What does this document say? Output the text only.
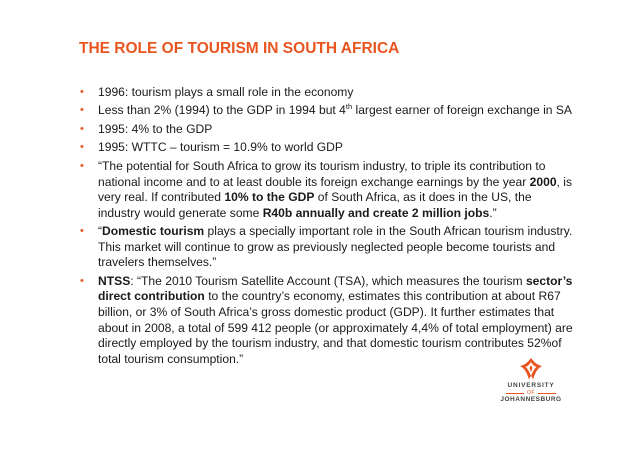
THE ROLE OF TOURISM IN SOUTH AFRICA
• 1996: tourism plays a small role in the economy
• Less than 2% (1994) to the GDP in 1994 but 4th largest earner of foreign exchange in SA
• 1995: 4% to the GDP
• 1995: WTTC – tourism = 10.9% to world GDP
• “The potential for South Africa to grow its tourism industry, to triple its contribution to national income and to at least double its foreign exchange earnings by the year 2000, is very real. If contributed 10% to the GDP of South Africa, as it does in the US, the industry would generate some R40b annually and create 2 million jobs.”
• “Domestic tourism plays a specially important role in the South African tourism industry. This market will continue to grow as previously neglected people become tourists and travelers themselves.”
• NTSS: “The 2010 Tourism Satellite Account (TSA), which measures the tourism sector’s direct contribution to the country’s economy, estimates this contribution at about R67 billion, or 3% of South Africa’s gross domestic product (GDP). It further estimates that about in 2008, a total of 599 412 people (or approximately 4,4% of total employment) are directly employed by the tourism industry, and that domestic tourism contributes 52%of total tourism consumption.”
UNIVERSITY
OF
JOHANNESBURG
